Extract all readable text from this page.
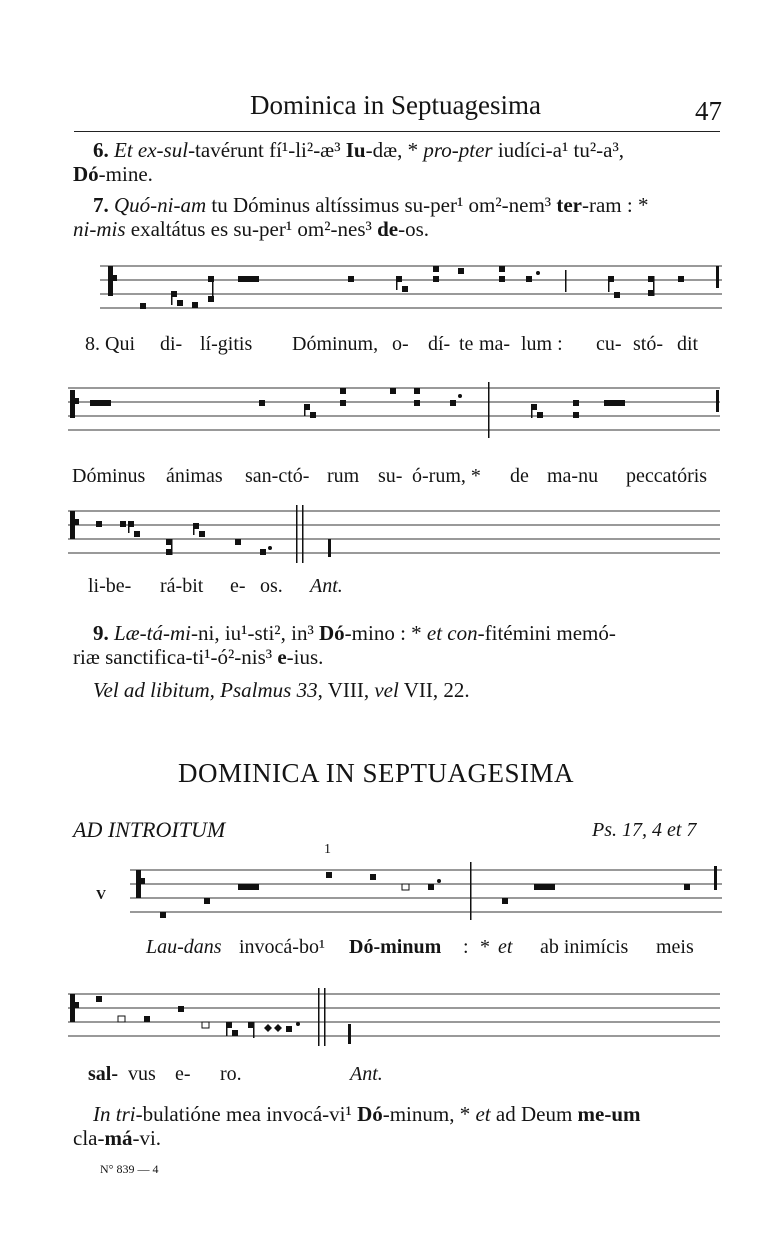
Dominica in Septuagesima	47
6. Et ex-sul-tavérunt fí¹-li²-æ³ Iu-dæ, * pro-pter iudíci-a¹ tu²-a³,
Dó-mine.
7. Quó-ni-am tu Dóminus altíssimus su-per¹ om²-nem³ ter-ram : *
ni-mis exaltátus es su-per¹ om²-nes³ de-os.
8. Qui di- lí-gitis Dóminum, o- dí- te ma- lum : cu- stó- dit
Dóminus ánimas san-ctó- rum su- ó-rum, * de ma-nu peccatóris
li-be- rá-bit e- os. Ant.
9. Læ-tá-mi-ni, iu¹-sti², in³ Dó-mino : * et con-fitémini memó-
riæ sanctifica-ti¹-ó²-nis³ e-ius.
Vel ad libitum, Psalmus 33, VIII, vel VII, 22.
DOMINICA IN SEPTUAGESIMA
AD INTROITUM	Ps. 17, 4 et 7
1
V
Lau-dans invocá-bo¹ Dó-minum : * et ab inimícis meis
sal- vus e- ro.	Ant.
In tri-bulatióne mea invocá-vi¹ Dó-minum, * et ad Deum me-um
cla-má-vi.
N° 839 — 4
